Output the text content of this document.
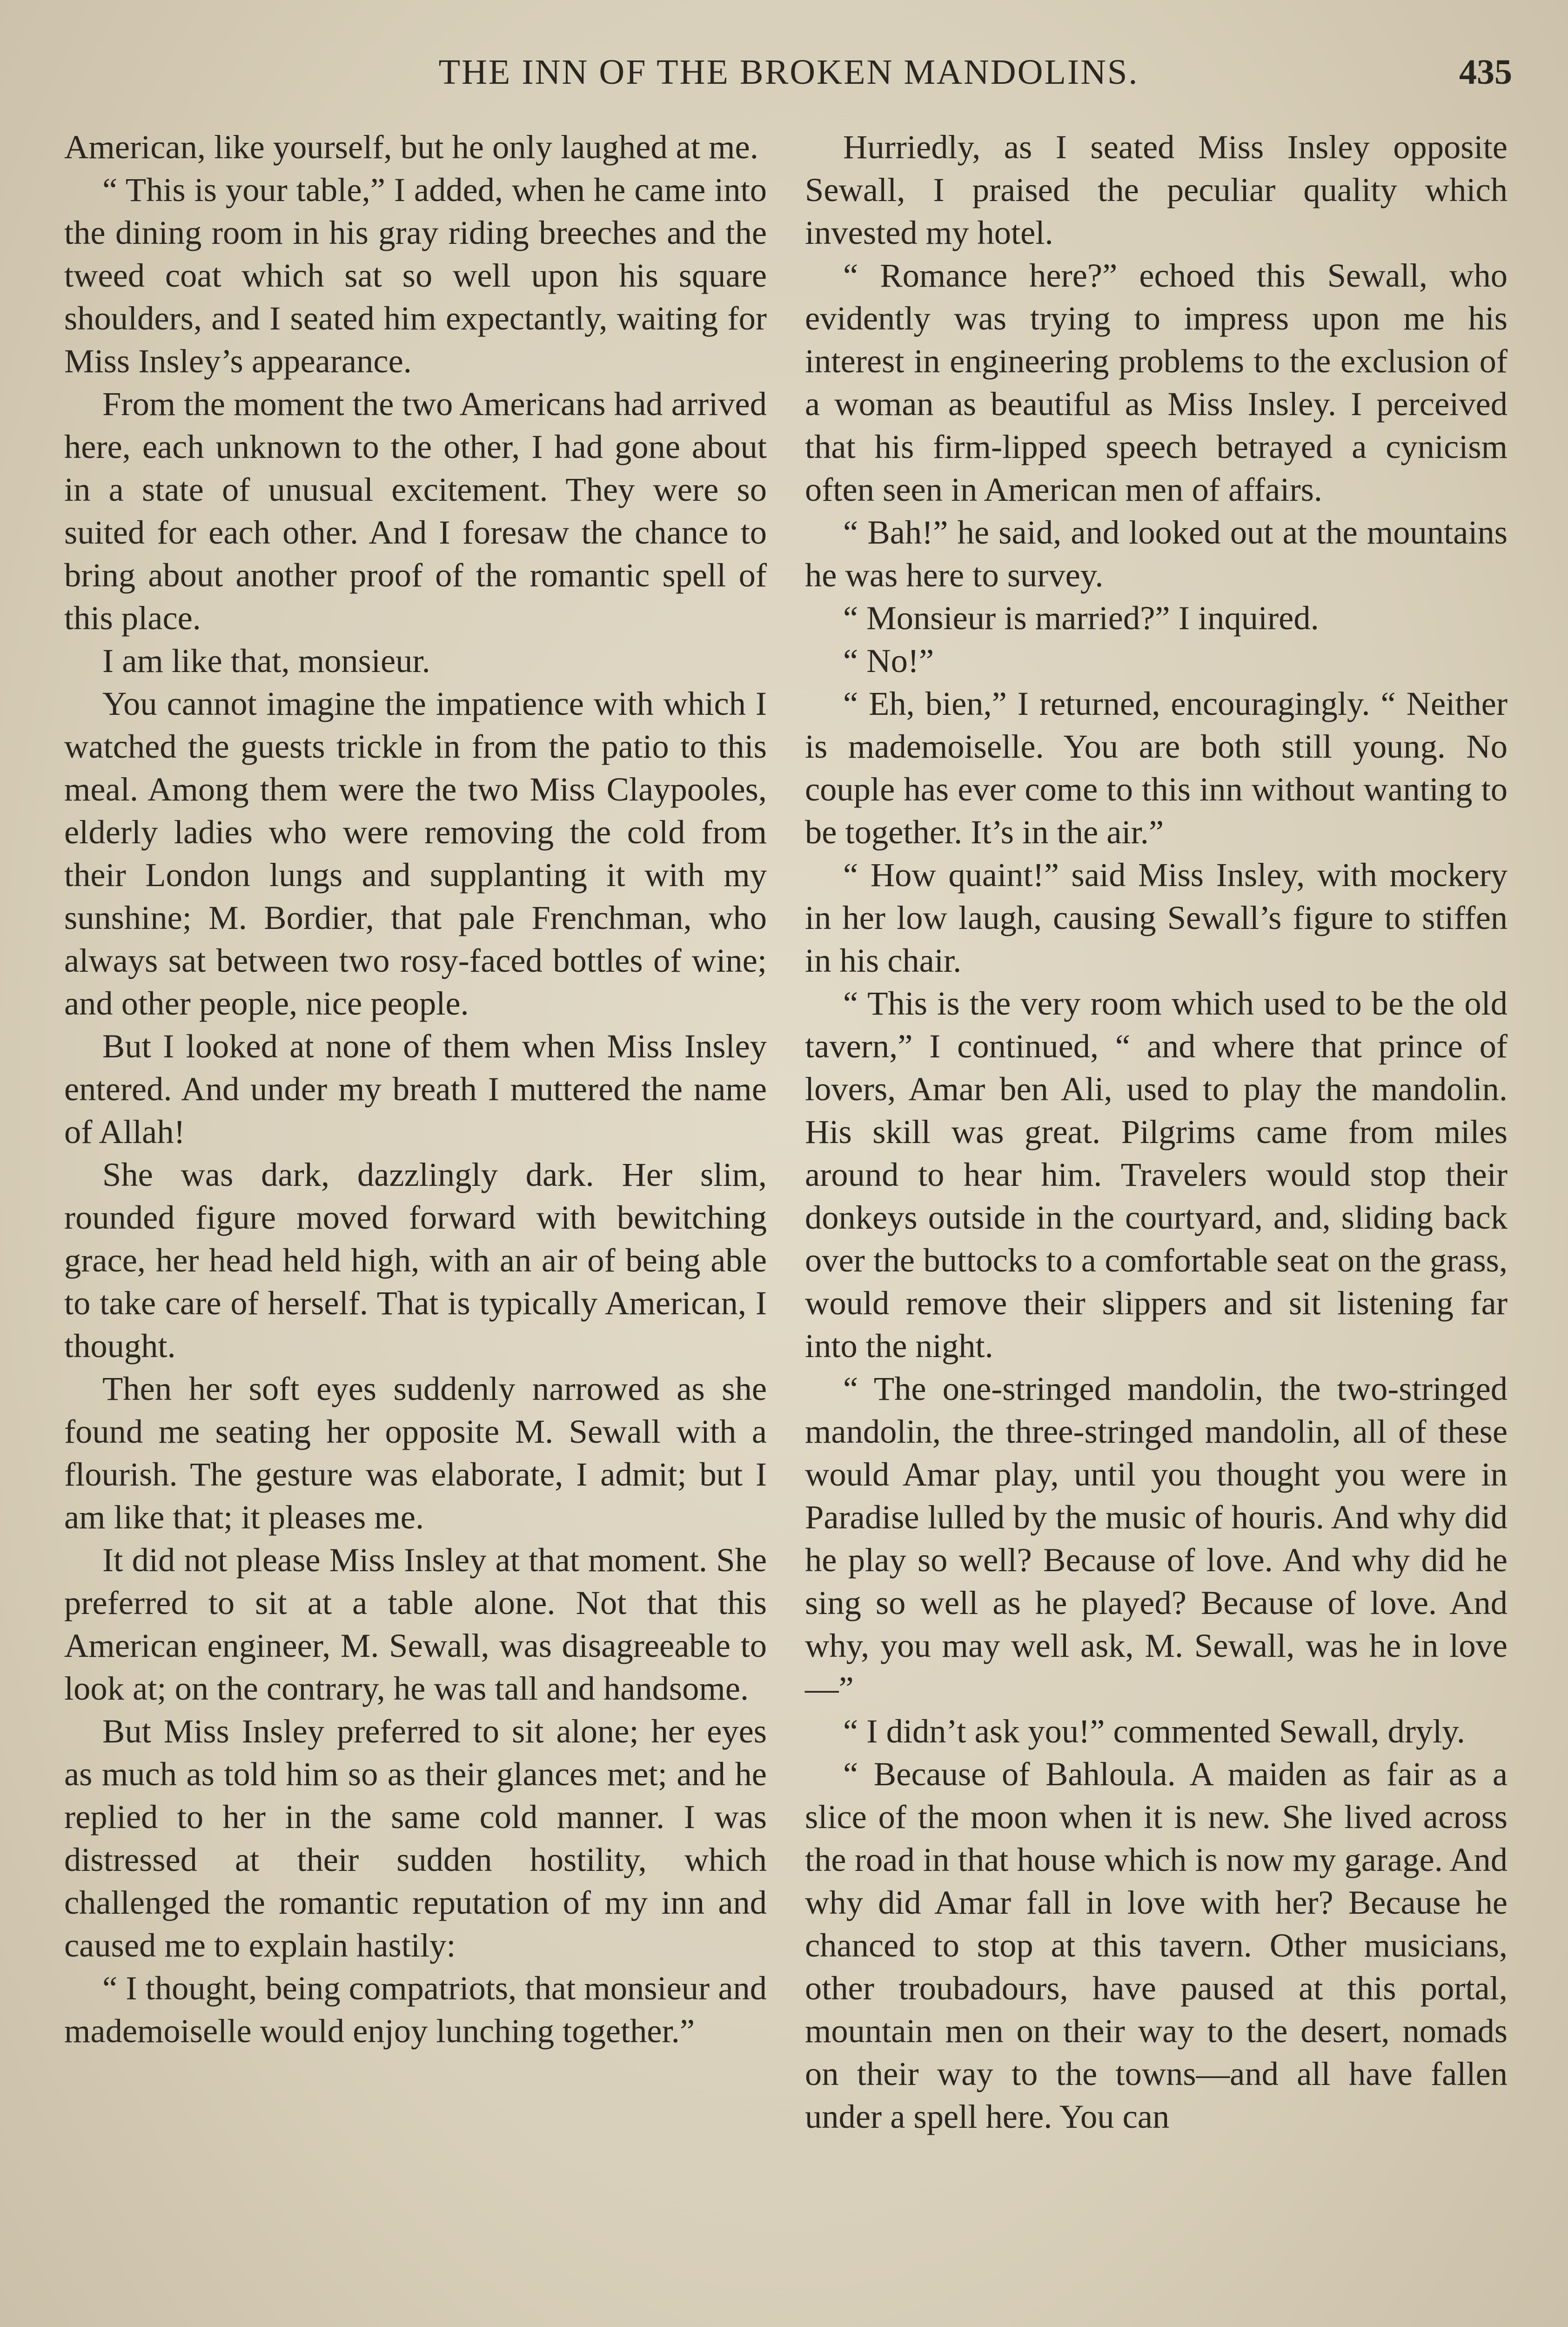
THE INN OF THE BROKEN MANDOLINS.	435

American, like yourself, but he only laughed at me.

“ This is your table,” I added, when he came into the dining room in his gray riding breeches and the tweed coat which sat so well upon his square shoulders, and I seated him expectantly, waiting for Miss Insley’s appearance.

From the moment the two Americans had arrived here, each unknown to the other, I had gone about in a state of unusual excitement. They were so suited for each other. And I foresaw the chance to bring about another proof of the romantic spell of this place.

I am like that, monsieur.

You cannot imagine the impatience with which I watched the guests trickle in from the patio to this meal. Among them were the two Miss Claypooles, elderly ladies who were removing the cold from their London lungs and supplanting it with my sunshine; M. Bordier, that pale Frenchman, who always sat between two rosy-faced bottles of wine; and other people, nice people.

But I looked at none of them when Miss Insley entered. And under my breath I muttered the name of Allah!

She was dark, dazzlingly dark. Her slim, rounded figure moved forward with bewitching grace, her head held high, with an air of being able to take care of herself. That is typically American, I thought.

Then her soft eyes suddenly narrowed as she found me seating her opposite M. Sewall with a flourish. The gesture was elaborate, I admit; but I am like that; it pleases me.

It did not please Miss Insley at that moment. She preferred to sit at a table alone. Not that this American engineer, M. Sewall, was disagreeable to look at; on the contrary, he was tall and handsome.

But Miss Insley preferred to sit alone; her eyes as much as told him so as their glances met; and he replied to her in the same cold manner. I was distressed at their sudden hostility, which challenged the romantic reputation of my inn and caused me to explain hastily:

“ I thought, being compatriots, that monsieur and mademoiselle would enjoy lunching together.”

Hurriedly, as I seated Miss Insley opposite Sewall, I praised the peculiar quality which invested my hotel.

“ Romance here?” echoed this Sewall, who evidently was trying to impress upon me his interest in engineering problems to the exclusion of a woman as beautiful as Miss Insley. I perceived that his firm-lipped speech betrayed a cynicism often seen in American men of affairs.

“ Bah!” he said, and looked out at the mountains he was here to survey.

“ Monsieur is married?” I inquired.

“ No!”

“ Eh, bien,” I returned, encouragingly. “ Neither is mademoiselle. You are both still young. No couple has ever come to this inn without wanting to be together. It’s in the air.”

“ How quaint!” said Miss Insley, with mockery in her low laugh, causing Sewall’s figure to stiffen in his chair.

“ This is the very room which used to be the old tavern,” I continued, “ and where that prince of lovers, Amar ben Ali, used to play the mandolin. His skill was great. Pilgrims came from miles around to hear him. Travelers would stop their donkeys outside in the courtyard, and, sliding back over the buttocks to a comfortable seat on the grass, would remove their slippers and sit listening far into the night.

“ The one-stringed mandolin, the two-stringed mandolin, the three-stringed mandolin, all of these would Amar play, until you thought you were in Paradise lulled by the music of houris. And why did he play so well? Because of love. And why did he sing so well as he played? Because of love. And why, you may well ask, M. Sewall, was he in love—”

“ I didn’t ask you!” commented Sewall, dryly.

“ Because of Bahloula. A maiden as fair as a slice of the moon when it is new. She lived across the road in that house which is now my garage. And why did Amar fall in love with her? Because he chanced to stop at this tavern. Other musicians, other troubadours, have paused at this portal, mountain men on their way to the desert, nomads on their way to the towns—and all have fallen under a spell here. You can
